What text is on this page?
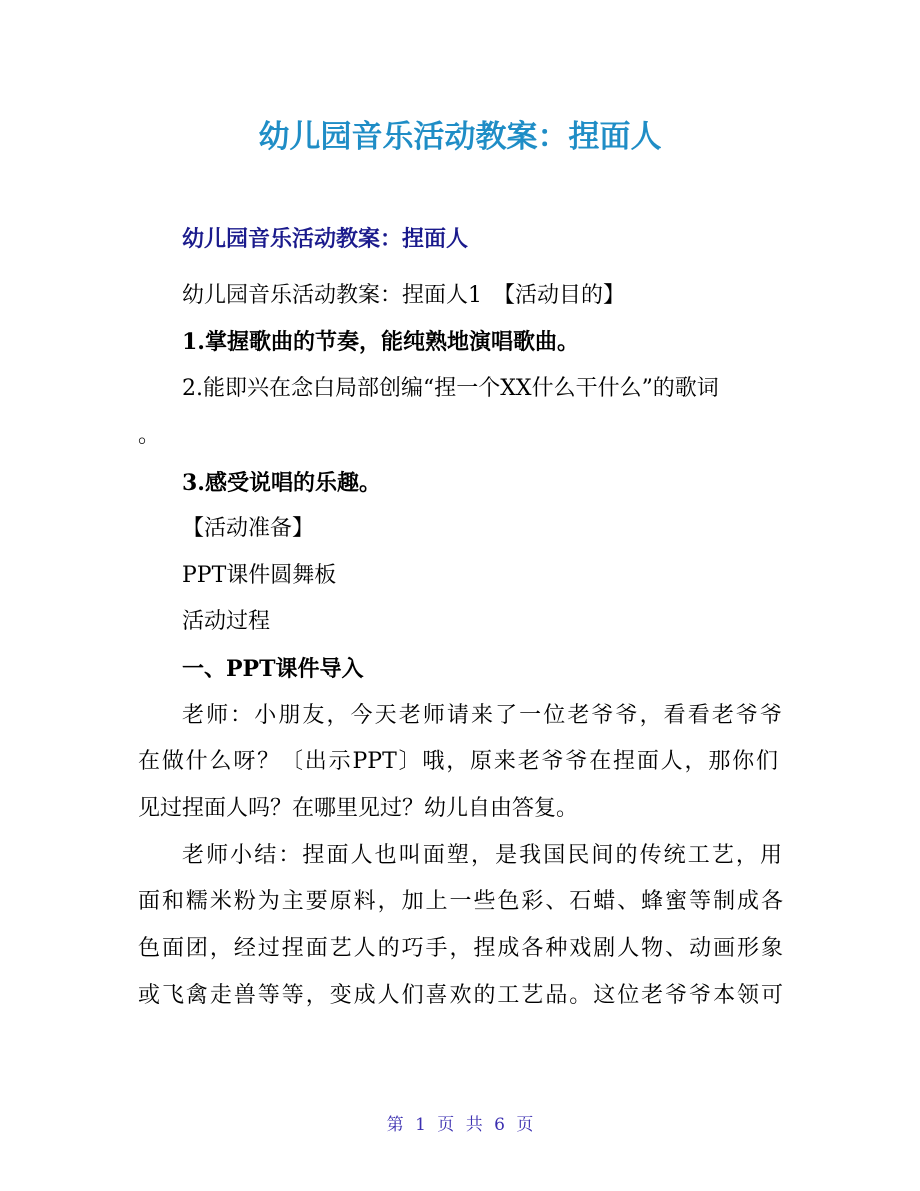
幼儿园音乐活动教案：捏面人
幼儿园音乐活动教案：捏面人
幼儿园音乐活动教案：捏面人1　【活动目的】
1.掌握歌曲的节奏，能纯熟地演唱歌曲。
2.能即兴在念白局部创编“捏一个XX什么干什么”的歌词
。
3.感受说唱的乐趣。
【活动准备】
PPT课件圆舞板
活动过程
一、PPT课件导入
老师：小朋友，今天老师请来了一位老爷爷，看看老爷爷
在做什么呀？〔出示PPT〕哦，原来老爷爷在捏面人，那你们
见过捏面人吗？在哪里见过？幼儿自由答复。
老师小结：捏面人也叫面塑，是我国民间的传统工艺，用
面和糯米粉为主要原料，加上一些色彩、石蜡、蜂蜜等制成各
色面团，经过捏面艺人的巧手，捏成各种戏剧人物、动画形象
或飞禽走兽等等，变成人们喜欢的工艺品。这位老爷爷本领可
第 1 页 共 6 页
